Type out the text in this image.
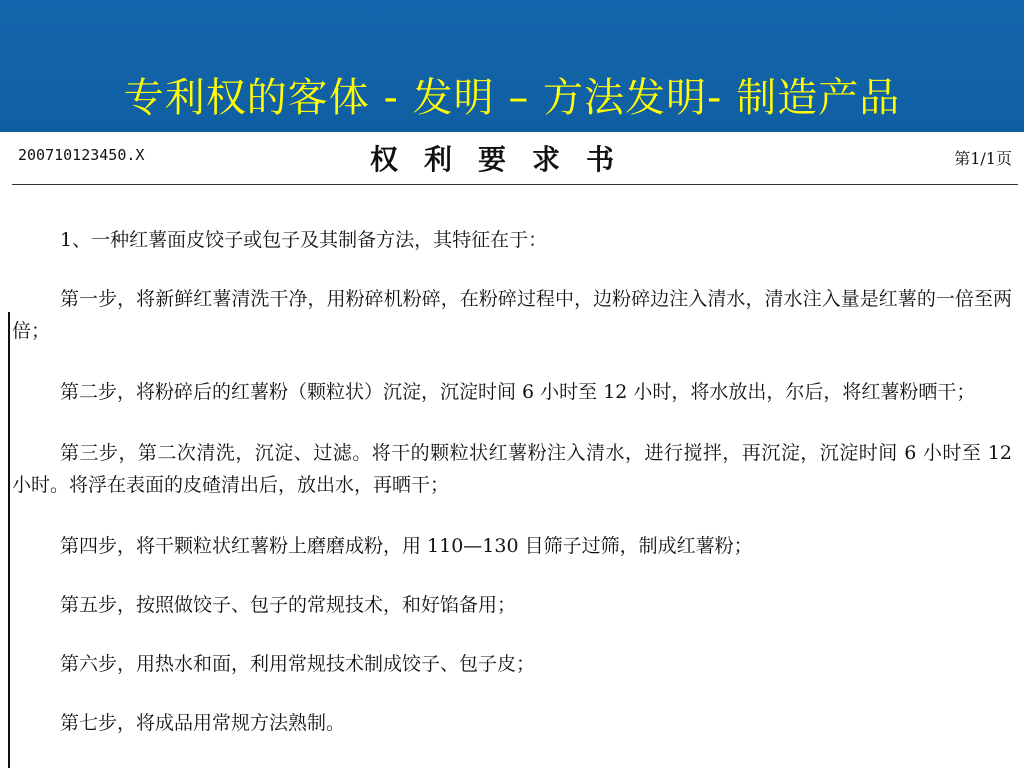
专利权的客体 - 发明 – 方法发明- 制造产品
200710123450.X	权利要求书	第1/1页

1、一种红薯面皮饺子或包子及其制备方法，其特征在于：

第一步，将新鲜红薯清洗干净，用粉碎机粉碎，在粉碎过程中，边粉碎边注入清水，清水注入量是红薯的一倍至两倍；

第二步，将粉碎后的红薯粉（颗粒状）沉淀，沉淀时间 6 小时至 12 小时，将水放出，尔后，将红薯粉晒干；

第三步，第二次清洗，沉淀、过滤。将干的颗粒状红薯粉注入清水，进行搅拌，再沉淀，沉淀时间 6 小时至 12 小时。将浮在表面的皮碴清出后，放出水，再晒干；

第四步，将干颗粒状红薯粉上磨磨成粉，用 110—130 目筛子过筛，制成红薯粉；

第五步，按照做饺子、包子的常规技术，和好馅备用；

第六步，用热水和面，利用常规技术制成饺子、包子皮；

第七步，将成品用常规方法熟制。
